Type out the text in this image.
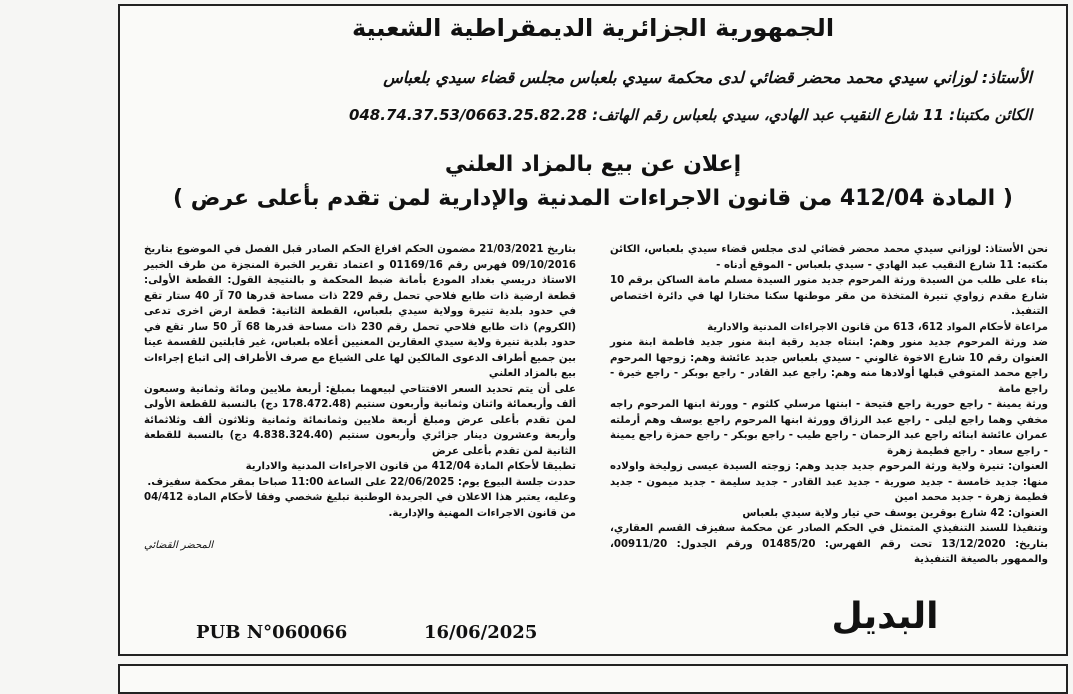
الجمهورية الجزائرية الديمقراطية الشعبية
الأستاذ: لوزاني سيدي محمد محضر قضائي لدى محكمة سيدي بلعباس مجلس قضاء سيدي بلعباس
الكائن مكتبنا: 11 شارع النقيب عبد الهادي، سيدي بلعباس رقم الهاتف: 048.74.37.53/0663.25.82.28
إعلان عن بيع بالمزاد العلني
( المادة 412/04 من قانون الاجراءات المدنية والإدارية لمن تقدم بأعلى عرض )

نحن الأستاذ: لوزاني سيدي محمد محضر قضائي لدى مجلس قضاء سيدي بلعباس، الكائن مكتبه: 11 شارع النقيب عبد الهادي - سيدي بلعباس - الموقع أدناه -

بناء على طلب من السيدة ورثة المرحوم جديد منور السيدة مسلم مامة الساكن برقم 10 شارع مقدم زواوي تنيرة المتخذة من مقر موطنها سكنا مختارا لها في دائرة اختصاص التنفيذ.

مراعاة لأحكام المواد 612، 613 من قانون الاجراءات المدنية والادارية

ضد ورثة المرحوم جديد منور وهم: ابنتاه جديد رقية ابنة منور جديد فاطمة ابنة منور العنوان رقم 10 شارع الاخوة غالوني - سيدي بلعباس جديد عائشة وهم: زوجها المرحوم راجع محمد المتوفي قبلها أولادها منه وهم: راجع عبد القادر - راجع بوبكر - راجع خيرة - راجع مامة

ورثة يمينة - راجع حورية راجع فتيحة - ابنتها مرسلي كلثوم - وورثة ابنها المرحوم راجه مخفي وهما راجع ليلى - راجع عبد الرزاق وورثة ابنها المرحوم راجع يوسف وهم أرملته عمران عائشة ابنائه راجع عبد الرحمان - راجع طيب - راجع بوبكر - راجع حمزة راجع يمينة - راجع سعاد - راجع فطيمة زهرة

العنوان: تنيرة ولاية ورثة المرحوم جديد جديد وهم: زوجته السيدة عيسى زوليخة واولاده منها: جديد خامسة - جديد صورية - جديد عبد القادر - جديد سليمة - جديد ميمون - جديد فطيمة زهرة - جديد محمد امين

العنوان: 42 شارع بوقرين يوسف حي تيار ولاية سيدي بلعباس

وتنفيذا للسند التنفيذي المتمثل في الحكم الصادر عن محكمة سفيزف القسم العقاري، بتاريخ: 13/12/2020 تحت رقم الفهرس: 01485/20 ورقم الجدول: 00911/20، والممهور بالصيغة التنفيذية

بتاريخ 21/03/2021 مضمون الحكم افراغ الحكم الصادر قبل الفصل في الموضوع بتاريخ 09/10/2016 فهرس رقم 01169/16 و اعتماد تقرير الخبرة المنجزة من طرف الخبير الاستاذ دريسي بغداد المودع بأمانة ضبط المحكمة و بالنتيجة القول: القطعة الأولى: قطعة ارضية ذات طابع فلاحي تحمل رقم 229 ذات مساحة قدرها 70 آر 40 ستار تقع في حدود بلدية تنيرة وولاية سيدي بلعباس، القطعة الثانية: قطعة ارض اخرى تدعى (الكروم) ذات طابع فلاحي تحمل رقم 230 ذات مساحة قدرها 68 آر 50 سار تقع في حدود بلدية تنيرة ولاية سيدي العقارين المعنيين أعلاه بلعباس، غير قابلتين للقسمة عينا بين جميع أطراف الدعوى المالكين لها على الشياع مع صرف الأطراف إلى اتباع إجراءات بيع بالمزاد العلني

على أن يتم تحديد السعر الافتتاحي لبيعهما بمبلغ: أربعة ملايين ومائة وثمانية وسبعون ألف وأربعمائة واثنان وثمانية وأربعون سنتيم (178.472.48 دج) بالنسبة للقطعة الأولى لمن تقدم بأعلى عرض ومبلغ أربعة ملايين وثمانمائة وثمانية وثلاثون ألف وثلاثمائة وأربعة وعشرون دينار جزائري وأربعون سنتيم (4.838.324.40 دج) بالنسبة للقطعة الثانية لمن تقدم بأعلى عرض

تطبيقا لأحكام المادة 412/04 من قانون الاجراءات المدنية والادارية

حددت جلسة البيوع يوم: 22/06/2025 على الساعة 11:00 صباحا بمقر محكمة سفيزف.

وعليه، يعتبر هذا الاعلان في الجريدة الوطنية تبليغ شخصي وفقا لأحكام المادة 04/412 من قانون الاجراءات المهنية والإدارية.

المحضر القضائي
البديل
PUB N°060066	16/06/2025
